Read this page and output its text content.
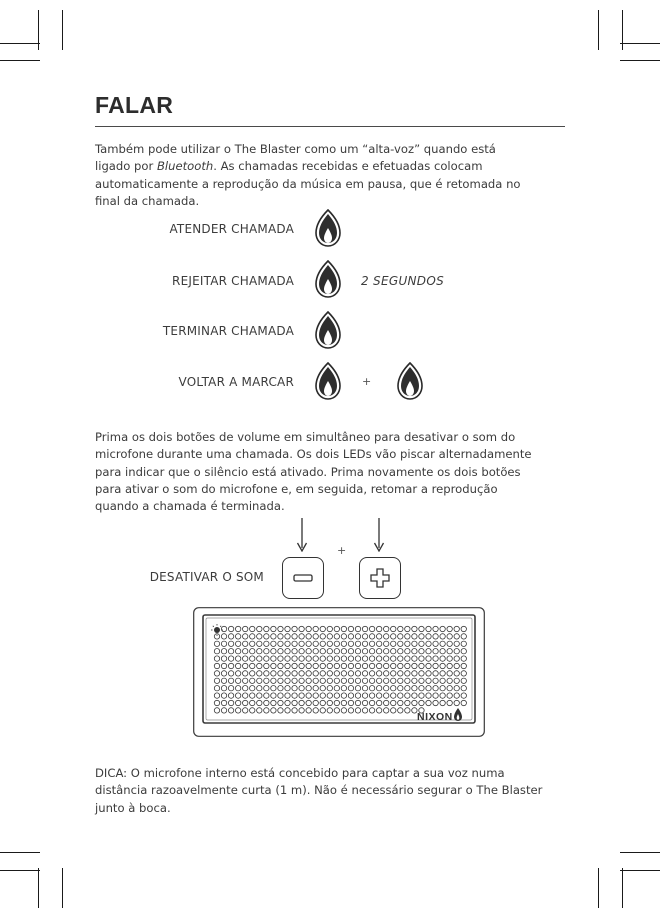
FALAR
Também pode utilizar o The Blaster como um “alta-voz” quando está
ligado por Bluetooth. As chamadas recebidas e efetuadas colocam
automaticamente a reprodução da música em pausa, que é retomada no
final da chamada.
ATENDER CHAMADA
REJEITAR CHAMADA	2 SEGUNDOS
TERMINAR CHAMADA
VOLTAR A MARCAR	+
Prima os dois botões de volume em simultâneo para desativar o som do
microfone durante uma chamada. Os dois LEDs vão piscar alternadamente
para indicar que o silêncio está ativado. Prima novamente os dois botões
para ativar o som do microfone e, em seguida, retomar a reprodução
quando a chamada é terminada.
DESATIVAR O SOM
+
NIXON
DICA: O microfone interno está concebido para captar a sua voz numa
distância razoavelmente curta (1 m). Não é necessário segurar o The Blaster
junto à boca.
